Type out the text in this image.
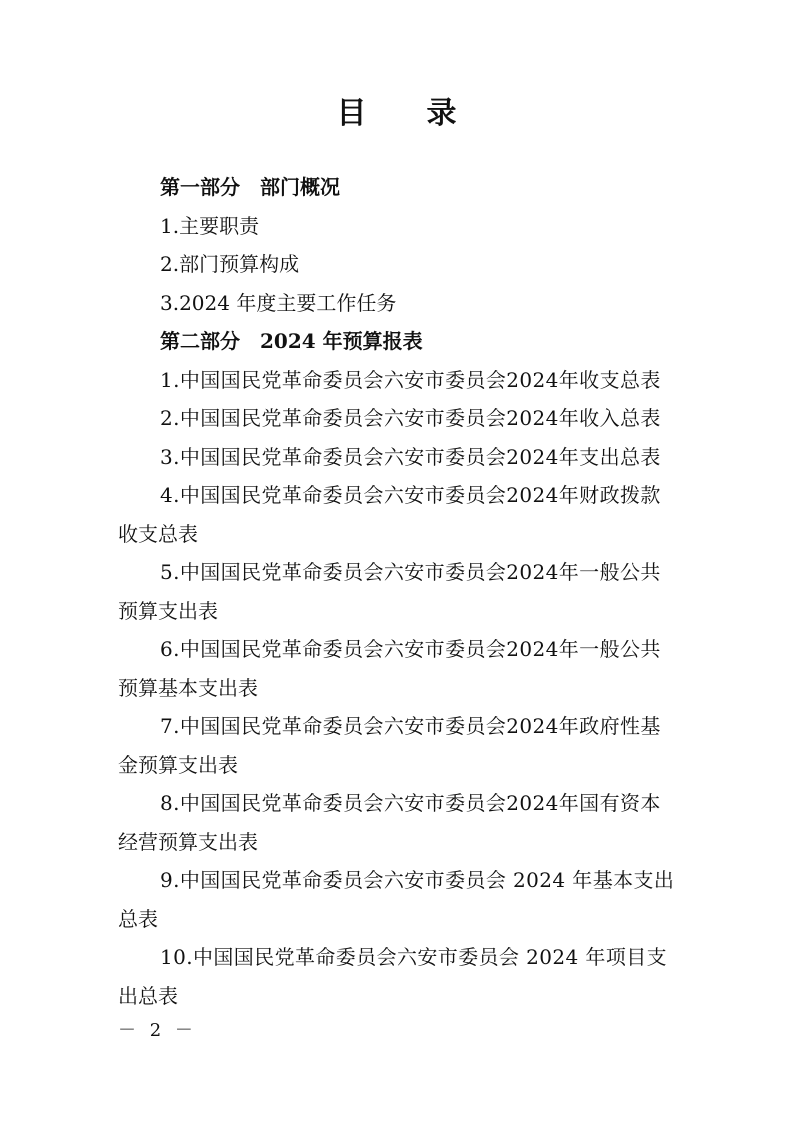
目录
第一部分 部门概况
1.主要职责
2.部门预算构成
3.2024 年度主要工作任务
第二部分 2024 年预算报表
1.中国国民党革命委员会六安市委员会2024年收支总表
2.中国国民党革命委员会六安市委员会2024年收入总表
3.中国国民党革命委员会六安市委员会2024年支出总表
4.中国国民党革命委员会六安市委员会2024年财政拨款
收支总表
5.中国国民党革命委员会六安市委员会2024年一般公共
预算支出表
6.中国国民党革命委员会六安市委员会2024年一般公共
预算基本支出表
7.中国国民党革命委员会六安市委员会2024年政府性基
金预算支出表
8.中国国民党革命委员会六安市委员会2024年国有资本
经营预算支出表
9.中国国民党革命委员会六安市委员会 2024 年基本支出
总表
10.中国国民党革命委员会六安市委员会 2024 年项目支
出总表
－ 2 －
